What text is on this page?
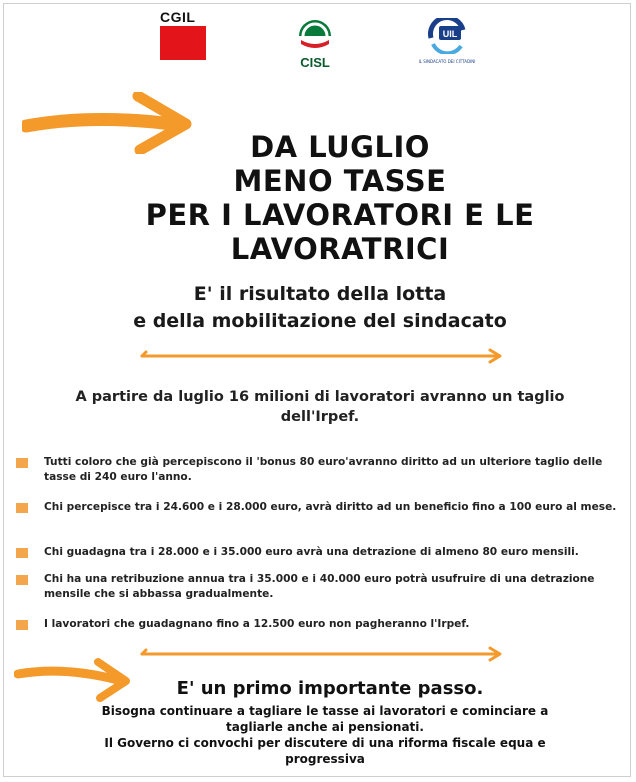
CGIL
CISL
UIL
IL SINDACATO DEI CITTADINI
DA LUGLIO
MENO TASSE
PER I LAVORATORI E LE
LAVORATRICI
E' il risultato della lotta
e della mobilitazione del sindacato
A partire da luglio 16 milioni di lavoratori avranno un taglio
dell'Irpef.
Tutti coloro che già percepiscono il 'bonus 80 euro'avranno diritto ad un ulteriore taglio delle tasse di 240 euro l'anno.
Chi percepisce tra i 24.600 e i 28.000 euro, avrà diritto ad un beneficio fino a 100 euro al mese.
Chi guadagna tra i 28.000 e i 35.000 euro avrà una detrazione di almeno 80 euro mensili.
Chi ha una retribuzione annua tra i 35.000 e i 40.000 euro potrà usufruire di una detrazione mensile che si abbassa gradualmente.
I lavoratori che guadagnano fino a 12.500 euro non pagheranno l'Irpef.
E' un primo importante passo.
Bisogna continuare a tagliare le tasse ai lavoratori e cominciare a
tagliarle anche ai pensionati.
Il Governo ci convochi per discutere di una riforma fiscale equa e
progressiva
